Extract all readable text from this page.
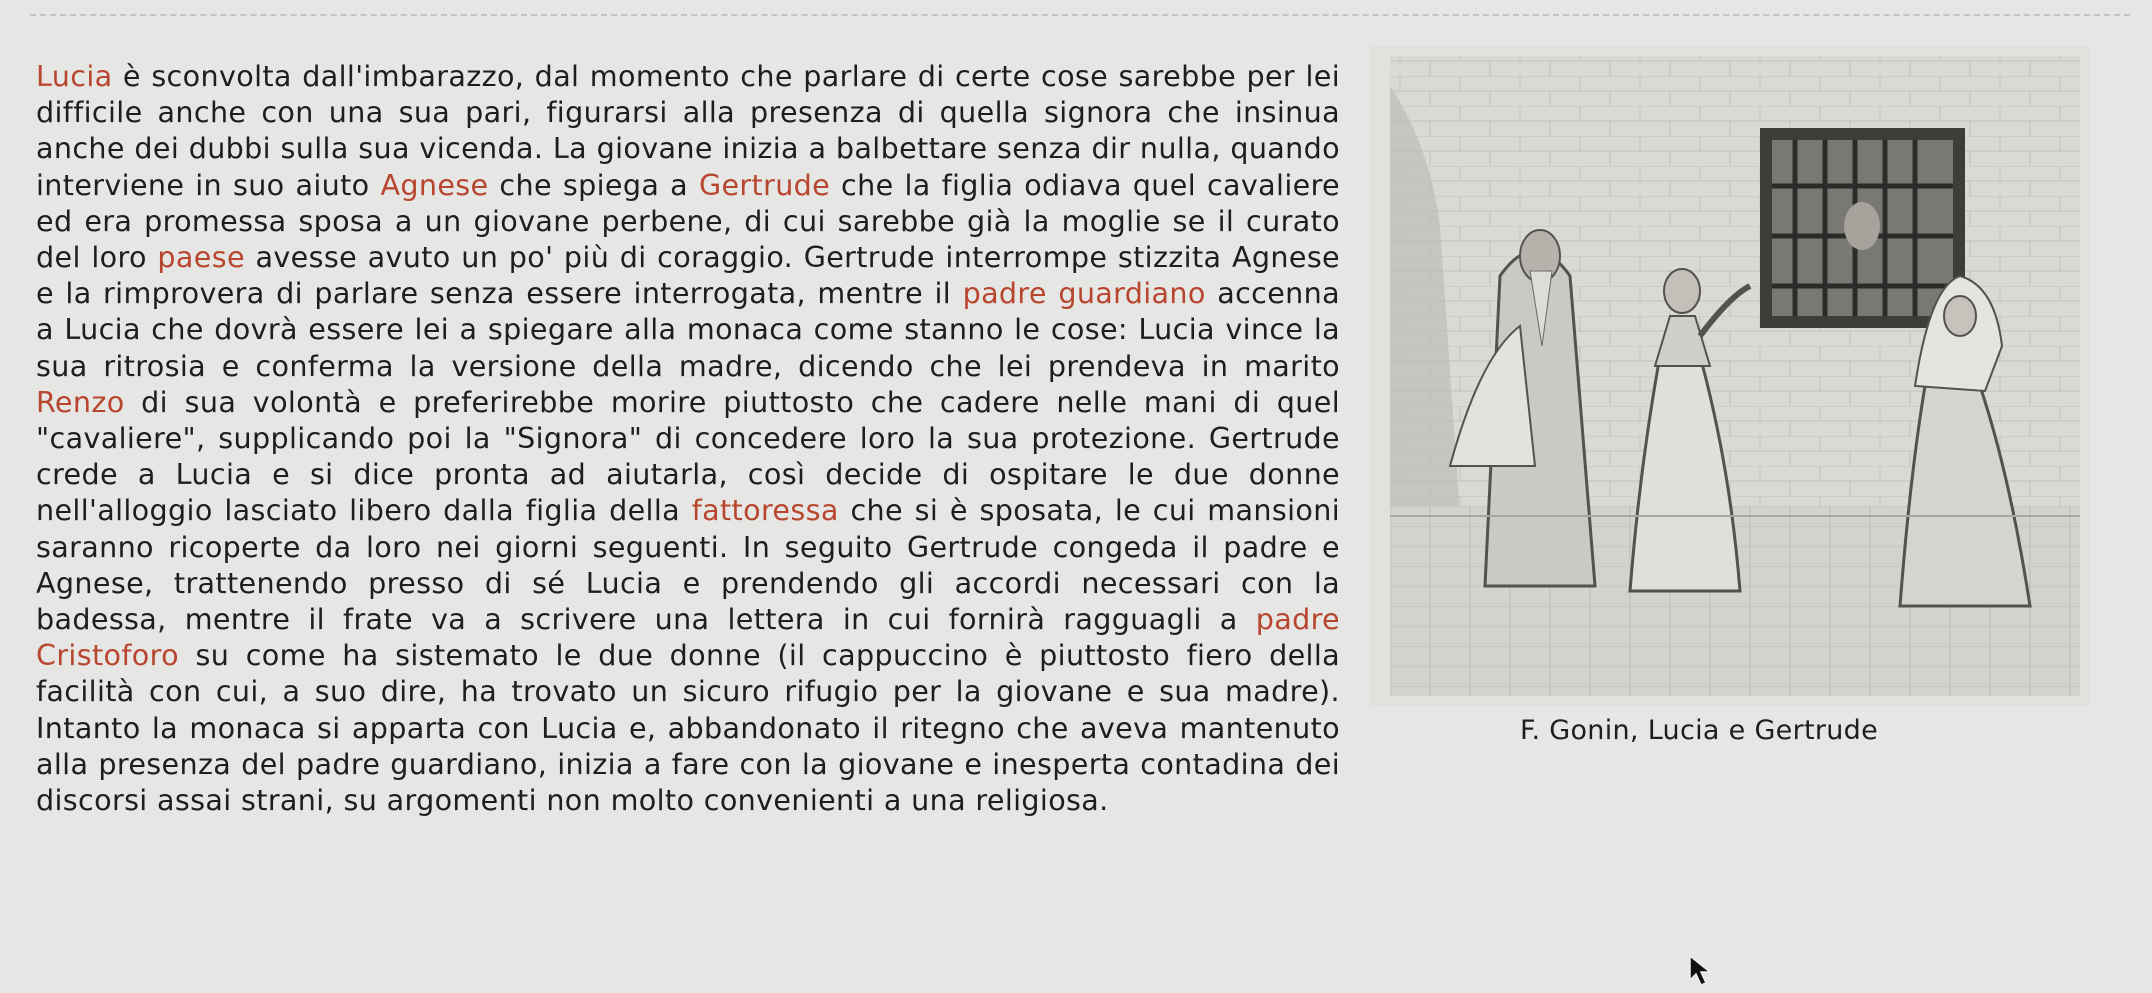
F. Gonin, Lucia e Gertrude
Lucia è sconvolta dall'imbarazzo, dal momento che parlare di certe cose sarebbe per lei difficile anche con una sua pari, figurarsi alla presenza di quella signora che insinua anche dei dubbi sulla sua vicenda. La giovane inizia a balbettare senza dir nulla, quando interviene in suo aiuto Agnese che spiega a Gertrude che la figlia odiava quel cavaliere ed era promessa sposa a un giovane perbene, di cui sarebbe già la moglie se il curato del loro paese avesse avuto un po' più di coraggio. Gertrude interrompe stizzita Agnese e la rimprovera di parlare senza essere interrogata, mentre il padre guardiano accenna a Lucia che dovrà essere lei a spiegare alla monaca come stanno le cose: Lucia vince la sua ritrosia e conferma la versione della madre, dicendo che lei prendeva in marito Renzo di sua volontà e preferirebbe morire piuttosto che cadere nelle mani di quel "cavaliere", supplicando poi la "Signora" di concedere loro la sua protezione. Gertrude crede a Lucia e si dice pronta ad aiutarla, così decide di ospitare le due donne nell'alloggio lasciato libero dalla figlia della fattoressa che si è sposata, le cui mansioni saranno ricoperte da loro nei giorni seguenti. In seguito Gertrude congeda il padre e Agnese, trattenendo presso di sé Lucia e prendendo gli accordi necessari con la badessa, mentre il frate va a scrivere una lettera in cui fornirà ragguagli a padre Cristoforo su come ha sistemato le due donne (il cappuccino è piuttosto fiero della facilità con cui, a suo dire, ha trovato un sicuro rifugio per la giovane e sua madre). Intanto la monaca si apparta con Lucia e, abbandonato il ritegno che aveva mantenuto alla presenza del padre guardiano, inizia a fare con la giovane e inesperta contadina dei discorsi assai strani, su argomenti non molto convenienti a una religiosa.
